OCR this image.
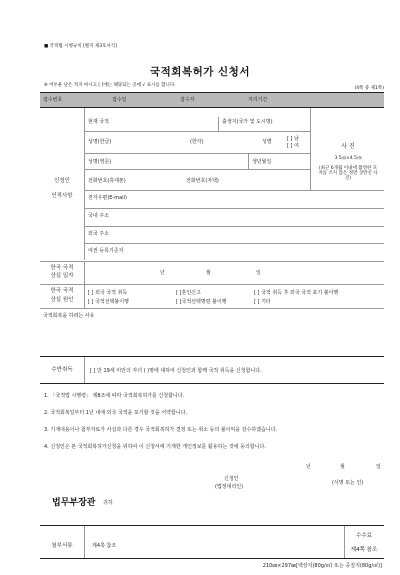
■ 국적법 시행규칙 [별지 제3호서식]
국적회복허가 신청서
※ 어두운 난은 적지 마시고 [ ]에는 해당되는 곳에 √ 표시를 합니다.
(4쪽 중 제1쪽)
접수번호	접수일	접수자	처리기간
신청인
인적사항
현재 국적	출생지(국가 및 도시명)
성명(한글)	(한자)	성별	[ ] 남
[ ] 여
성명(영문)	생년월일
전화번호(휴대폰)	전화번호(자택)
전자우편(E-mail)
국내 주소
외국 주소
여권 등록기준지
사 진
3.5㎝×4.5㎝
(최근 6개월 이내에 촬영한 모자를 쓰지 않은 정면 상반신 사진)
한국 국적
상실 일자	년	월	일
한국 국적
상실 원인
[ ] 외국 국적 취득	[ ]혼인신고	[ ] 국적 취득 후 외국 국적 포기 불이행
[ ] 국적선택불이행	[ ]국적선택명령 불이행	[ ] 기타
국적회복을 하려는 사유
수반취득	[ ] 만 19세 미만의 자녀 ( )명에 대하여 신청인과 함께 국적 취득을 신청합니다.
1. 「국적법 시행령」 제8조에 따라 국적회복허가를 신청합니다.
2. 국적회복일부터 1년 내에 외국 국적을 포기할 것을 서약합니다.
3. 기재내용이나 첨부자료가 사실과 다른 경우 국적회복허가 결정 또는 취소 등의 불이익을 감수하겠습니다.
4. 신청인은 본 국적회복허가신청을 위하여 이 신청서에 기재한 개인정보를 활용하는 것에 동의합니다.
년	월	일
신청인
(법정대리인)
(서명 또는 인)
법무부장관 귀하
첨부서류	제4쪽 참조
수수료
제4쪽 참조
210㎜×297㎜[백상지(80g/㎡) 또는 중질지(80g/㎡)]
